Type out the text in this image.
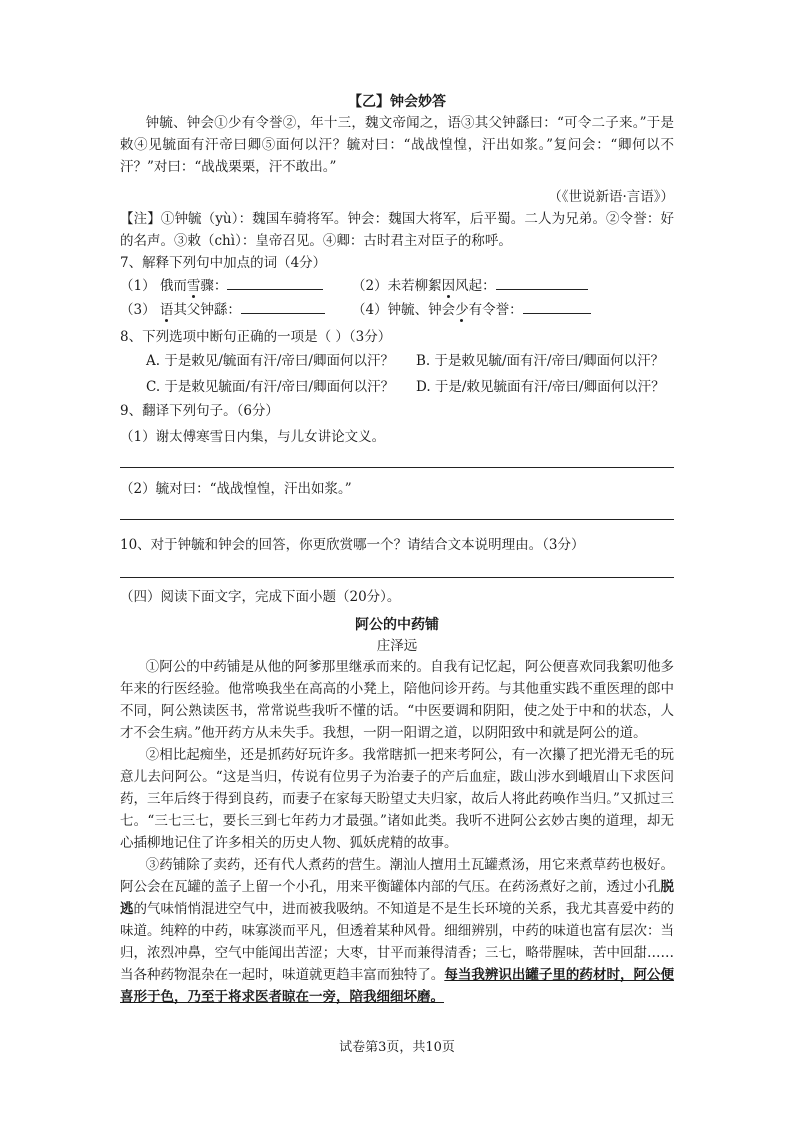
【乙】钟会妙答

钟毓、钟会①少有令誉②，年十三，魏文帝闻之，语③其父钟繇曰：“可令二子来。”于是敕④见毓面有汗帝曰卿⑤面何以汗？毓对曰：“战战惶惶，汗出如浆。”复问会：“卿何以不汗？”对曰：“战战栗栗，汗不敢出。”

（《世说新语·言语》）

【注】①钟毓（yù）：魏国车骑将军。钟会：魏国大将军，后平蜀。二人为兄弟。②令誉：好的名声。③敕（chì）：皇帝召见。④卿：古时君主对臣子的称呼。

7、解释下列句中加点的词（4分）
（1） 俄而雪骤：	（2）未若柳絮因风起：
（3） 语其父钟繇：	（4）钟毓、钟会少有令誉：
8、下列选项中断句正确的一项是（ ）（3分）
A. 于是敕见/毓面有汗/帝曰/卿面何以汗？	B. 于是敕见毓/面有汗/帝曰/卿面何以汗？
C. 于是敕见毓面/有汗/帝曰/卿面何以汗？	D. 于是/敕见毓面有汗/帝曰/卿面何以汗？
9、翻译下列句子。（6分）
（1）谢太傅寒雪日内集，与儿女讲论文义。
（2）毓对曰：“战战惶惶，汗出如浆。”
10、对于钟毓和钟会的回答，你更欣赏哪一个？请结合文本说明理由。（3分）
（四）阅读下面文字，完成下面小题（20分）。
阿公的中药铺
庄泽远

①阿公的中药铺是从他的阿爹那里继承而来的。自我有记忆起，阿公便喜欢同我絮叨他多年来的行医经验。他常唤我坐在高高的小凳上，陪他问诊开药。与其他重实践不重医理的郎中不同，阿公熟读医书，常常说些我听不懂的话。“中医要调和阴阳，使之处于中和的状态，人才不会生病。”他开药方从未失手。我想，一阴一阳谓之道，以阴阳致中和就是阿公的道。

②相比起痴坐，还是抓药好玩许多。我常瞎抓一把来考阿公，有一次攥了把光滑无毛的玩意儿去问阿公。“这是当归，传说有位男子为治妻子的产后血症，跋山涉水到峨眉山下求医问药，三年后终于得到良药，而妻子在家每天盼望丈夫归家，故后人将此药唤作当归。”又抓过三七。“三七三七，要长三到七年药力才最强。”诸如此类。我听不进阿公玄妙古奥的道理，却无心插柳地记住了许多相关的历史人物、狐妖虎精的故事。

③药铺除了卖药，还有代人煮药的营生。潮汕人擅用土瓦罐煮汤，用它来煮草药也极好。阿公会在瓦罐的盖子上留一个小孔，用来平衡罐体内部的气压。在药汤煮好之前，透过小孔脱逃的气味悄悄混进空气中，进而被我吸纳。不知道是不是生长环境的关系，我尤其喜爱中药的味道。纯粹的中药，味寡淡而平凡，但透着某种风骨。细细辨别，中药的味道也富有层次：当归，浓烈冲鼻，空气中能闻出苦涩；大枣，甘平而兼得清香；三七，略带腥味，苦中回甜……当各种药物混杂在一起时，味道就更趋丰富而独特了。每当我辨识出罐子里的药材时，阿公便喜形于色，乃至于将求医者晾在一旁，陪我细细坏磨。

试卷第3页，共10页
